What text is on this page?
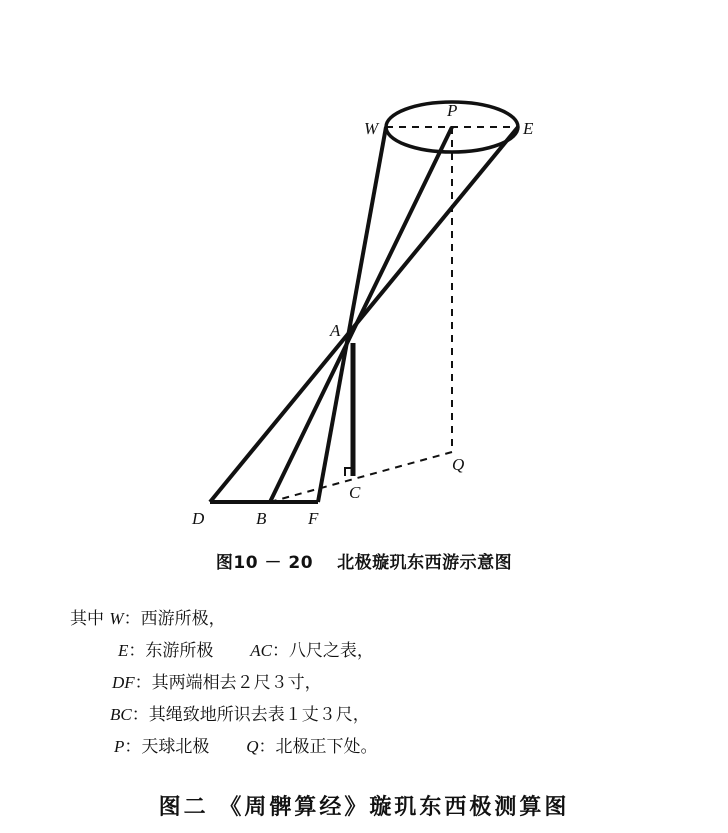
W
P
E
A
Q
C
D	B F
图10 － 20 北极璇玑东西游示意图
其中 W：西游所极，
E：东游所极 AC：八尺之表，
DF：其两端相去２尺３寸，
BC：其绳致地所识去表１丈３尺，
P：天球北极 Q：北极正下处。
图二 《周髀算经》璇玑东西极测算图
